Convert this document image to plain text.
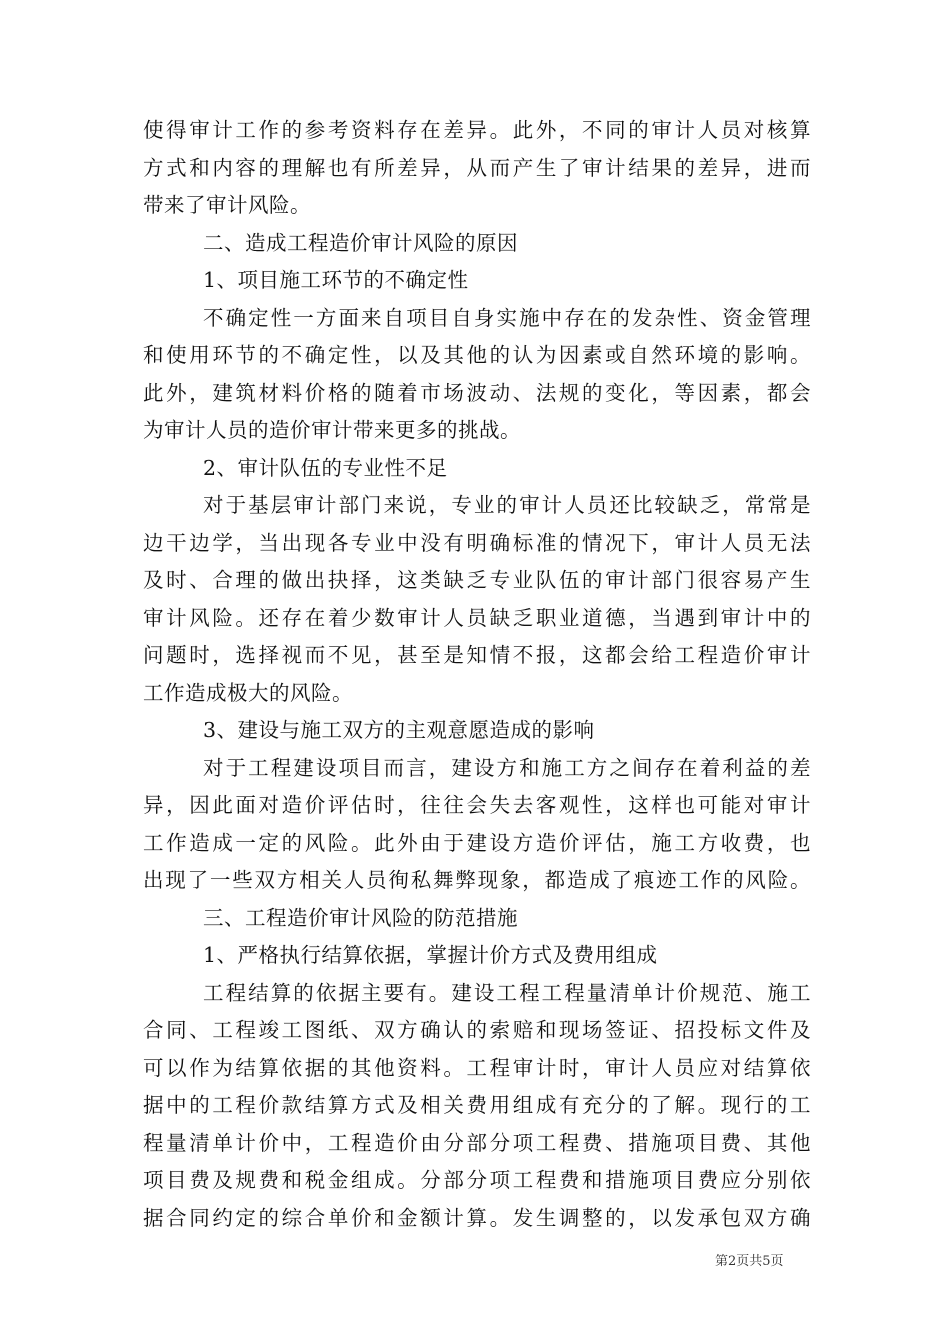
使得审计工作的参考资料存在差异。此外，不同的审计人员对核算
方式和内容的理解也有所差异，从而产生了审计结果的差异，进而
带来了审计风险。
二、造成工程造价审计风险的原因
1、项目施工环节的不确定性
不确定性一方面来自项目自身实施中存在的发杂性、资金管理
和使用环节的不确定性，以及其他的认为因素或自然环境的影响。
此外，建筑材料价格的随着市场波动、法规的变化，等因素，都会
为审计人员的造价审计带来更多的挑战。
2、审计队伍的专业性不足
对于基层审计部门来说，专业的审计人员还比较缺乏，常常是
边干边学，当出现各专业中没有明确标准的情况下，审计人员无法
及时、合理的做出抉择，这类缺乏专业队伍的审计部门很容易产生
审计风险。还存在着少数审计人员缺乏职业道德，当遇到审计中的
问题时，选择视而不见，甚至是知情不报，这都会给工程造价审计
工作造成极大的风险。
3、建设与施工双方的主观意愿造成的影响
对于工程建设项目而言，建设方和施工方之间存在着利益的差
异，因此面对造价评估时，往往会失去客观性，这样也可能对审计
工作造成一定的风险。此外由于建设方造价评估，施工方收费，也
出现了一些双方相关人员徇私舞弊现象，都造成了痕迹工作的风险。
三、工程造价审计风险的防范措施
1、严格执行结算依据，掌握计价方式及费用组成
工程结算的依据主要有。建设工程工程量清单计价规范、施工
合同、工程竣工图纸、双方确认的索赔和现场签证、招投标文件及
可以作为结算依据的其他资料。工程审计时，审计人员应对结算依
据中的工程价款结算方式及相关费用组成有充分的了解。现行的工
程量清单计价中，工程造价由分部分项工程费、措施项目费、其他
项目费及规费和税金组成。分部分项工程费和措施项目费应分别依
据合同约定的综合单价和金额计算。发生调整的，以发承包双方确
第2页共5页
